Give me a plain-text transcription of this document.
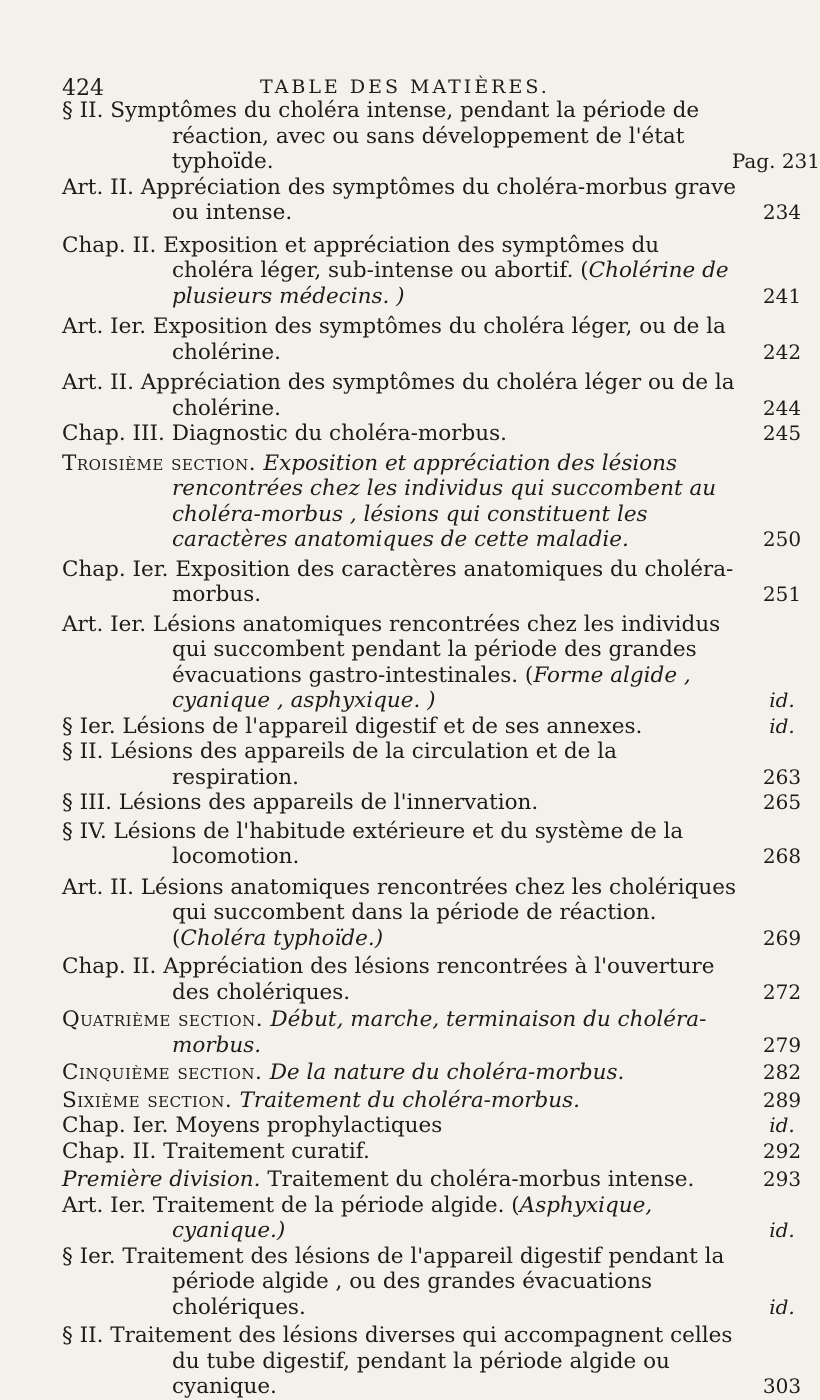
424	TABLE DES MATIÈRES.

§ II. Symptômes du choléra intense, pendant la période de réaction, avec ou sans développement de l'état typhoïde.	Pag. 231

Art. II. Appréciation des symptômes du choléra-morbus grave ou intense.	234

Chap. II. Exposition et appréciation des symptômes du choléra léger, sub-intense ou abortif. (Cholérine de plusieurs médecins. )	241

Art. Ier. Exposition des symptômes du choléra léger, ou de la cholérine.	242

Art. II. Appréciation des symptômes du choléra léger ou de la cholérine.	244

Chap. III. Diagnostic du choléra-morbus.	245

Troisième section. Exposition et appréciation des lésions rencontrées chez les individus qui succombent au choléra-morbus , lésions qui constituent les caractères anatomiques de cette maladie.	250

Chap. Ier. Exposition des caractères anatomiques du choléra-morbus.	251

Art. Ier. Lésions anatomiques rencontrées chez les individus qui succombent pendant la période des grandes évacuations gastro-intestinales. (Forme algide , cyanique , asphyxique. )	id.

§ Ier. Lésions de l'appareil digestif et de ses annexes.	id.

§ II. Lésions des appareils de la circulation et de la respiration.	263

§ III. Lésions des appareils de l'innervation.	265

§ IV. Lésions de l'habitude extérieure et du système de la locomotion.	268

Art. II. Lésions anatomiques rencontrées chez les cholériques qui succombent dans la période de réaction. (Choléra typhoïde.)	269

Chap. II. Appréciation des lésions rencontrées à l'ouverture des cholériques.	272

Quatrième section. Début, marche, terminaison du choléra-morbus.	279

Cinquième section. De la nature du choléra-morbus.	282

Sixième section. Traitement du choléra-morbus.	289

Chap. Ier. Moyens prophylactiques	id.

Chap. II. Traitement curatif.	292

Première division. Traitement du choléra-morbus intense.	293

Art. Ier. Traitement de la période algide. (Asphyxique, cyanique.)	id.

§ Ier. Traitement des lésions de l'appareil digestif pendant la période algide , ou des grandes évacuations cholériques.	id.

§ II. Traitement des lésions diverses qui accompagnent celles du tube digestif, pendant la période algide ou cyanique.	303
